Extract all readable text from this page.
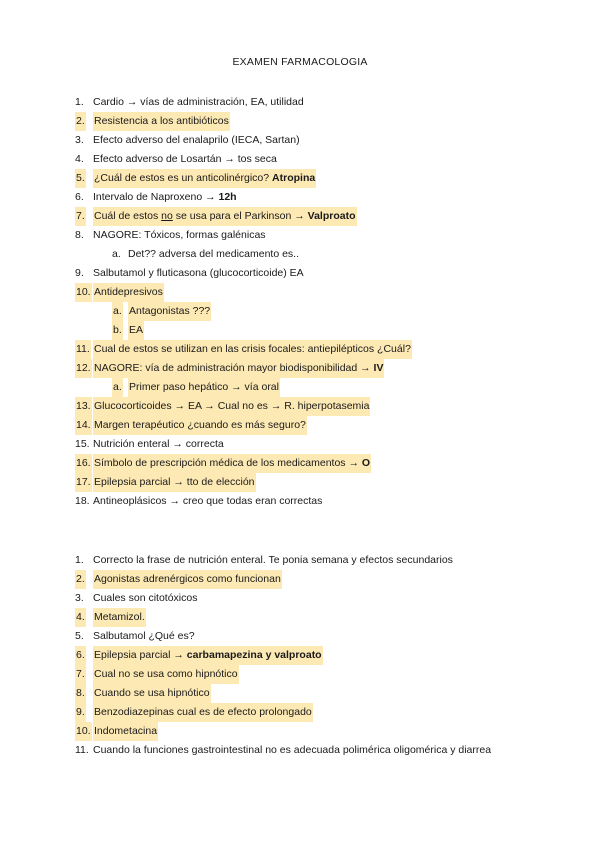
EXAMEN FARMACOLOGIA
1. Cardio → vías de administración, EA, utilidad
2. Resistencia a los antibióticos
3. Efecto adverso del enalaprilo (IECA, Sartan)
4. Efecto adverso de Losartán → tos seca
5. ¿Cuál de estos es un anticolinérgico? Atropina
6. Intervalo de Naproxeno → 12h
7. Cuál de estos no se usa para el Parkinson → Valproato
8. NAGORE: Tóxicos, formas galénicas
a. Det?? adversa del medicamento es..
9. Salbutamol y fluticasona (glucocorticoide) EA
10. Antidepresivos
a. Antagonistas ???
b. EA
11. Cual de estos se utilizan en las crisis focales: antiepilépticos ¿Cuál?
12. NAGORE: vía de administración mayor biodisponibilidad → IV
a. Primer paso hepático → vía oral
13. Glucocorticoides → EA → Cual no es → R. hiperpotasemia
14. Margen terapéutico ¿cuando es más seguro?
15. Nutrición enteral → correcta
16. Símbolo de prescripción médica de los medicamentos → O
17. Epilepsia parcial → tto de elección
18. Antineoplásicos → creo que todas eran correctas
1. Correcto la frase de nutrición enteral. Te ponia semana y efectos secundarios
2. Agonistas adrenérgicos como funcionan
3. Cuales son citotóxicos
4. Metamizol.
5. Salbutamol ¿Qué es?
6. Epilepsia parcial → carbamapezina y valproato
7. Cual no se usa como hipnótico
8. Cuando se usa hipnótico
9. Benzodiazepinas cual es de efecto prolongado
10. Indometacina
11. Cuando la funciones gastrointestinal no es adecuada polimérica oligomérica y diarrea
